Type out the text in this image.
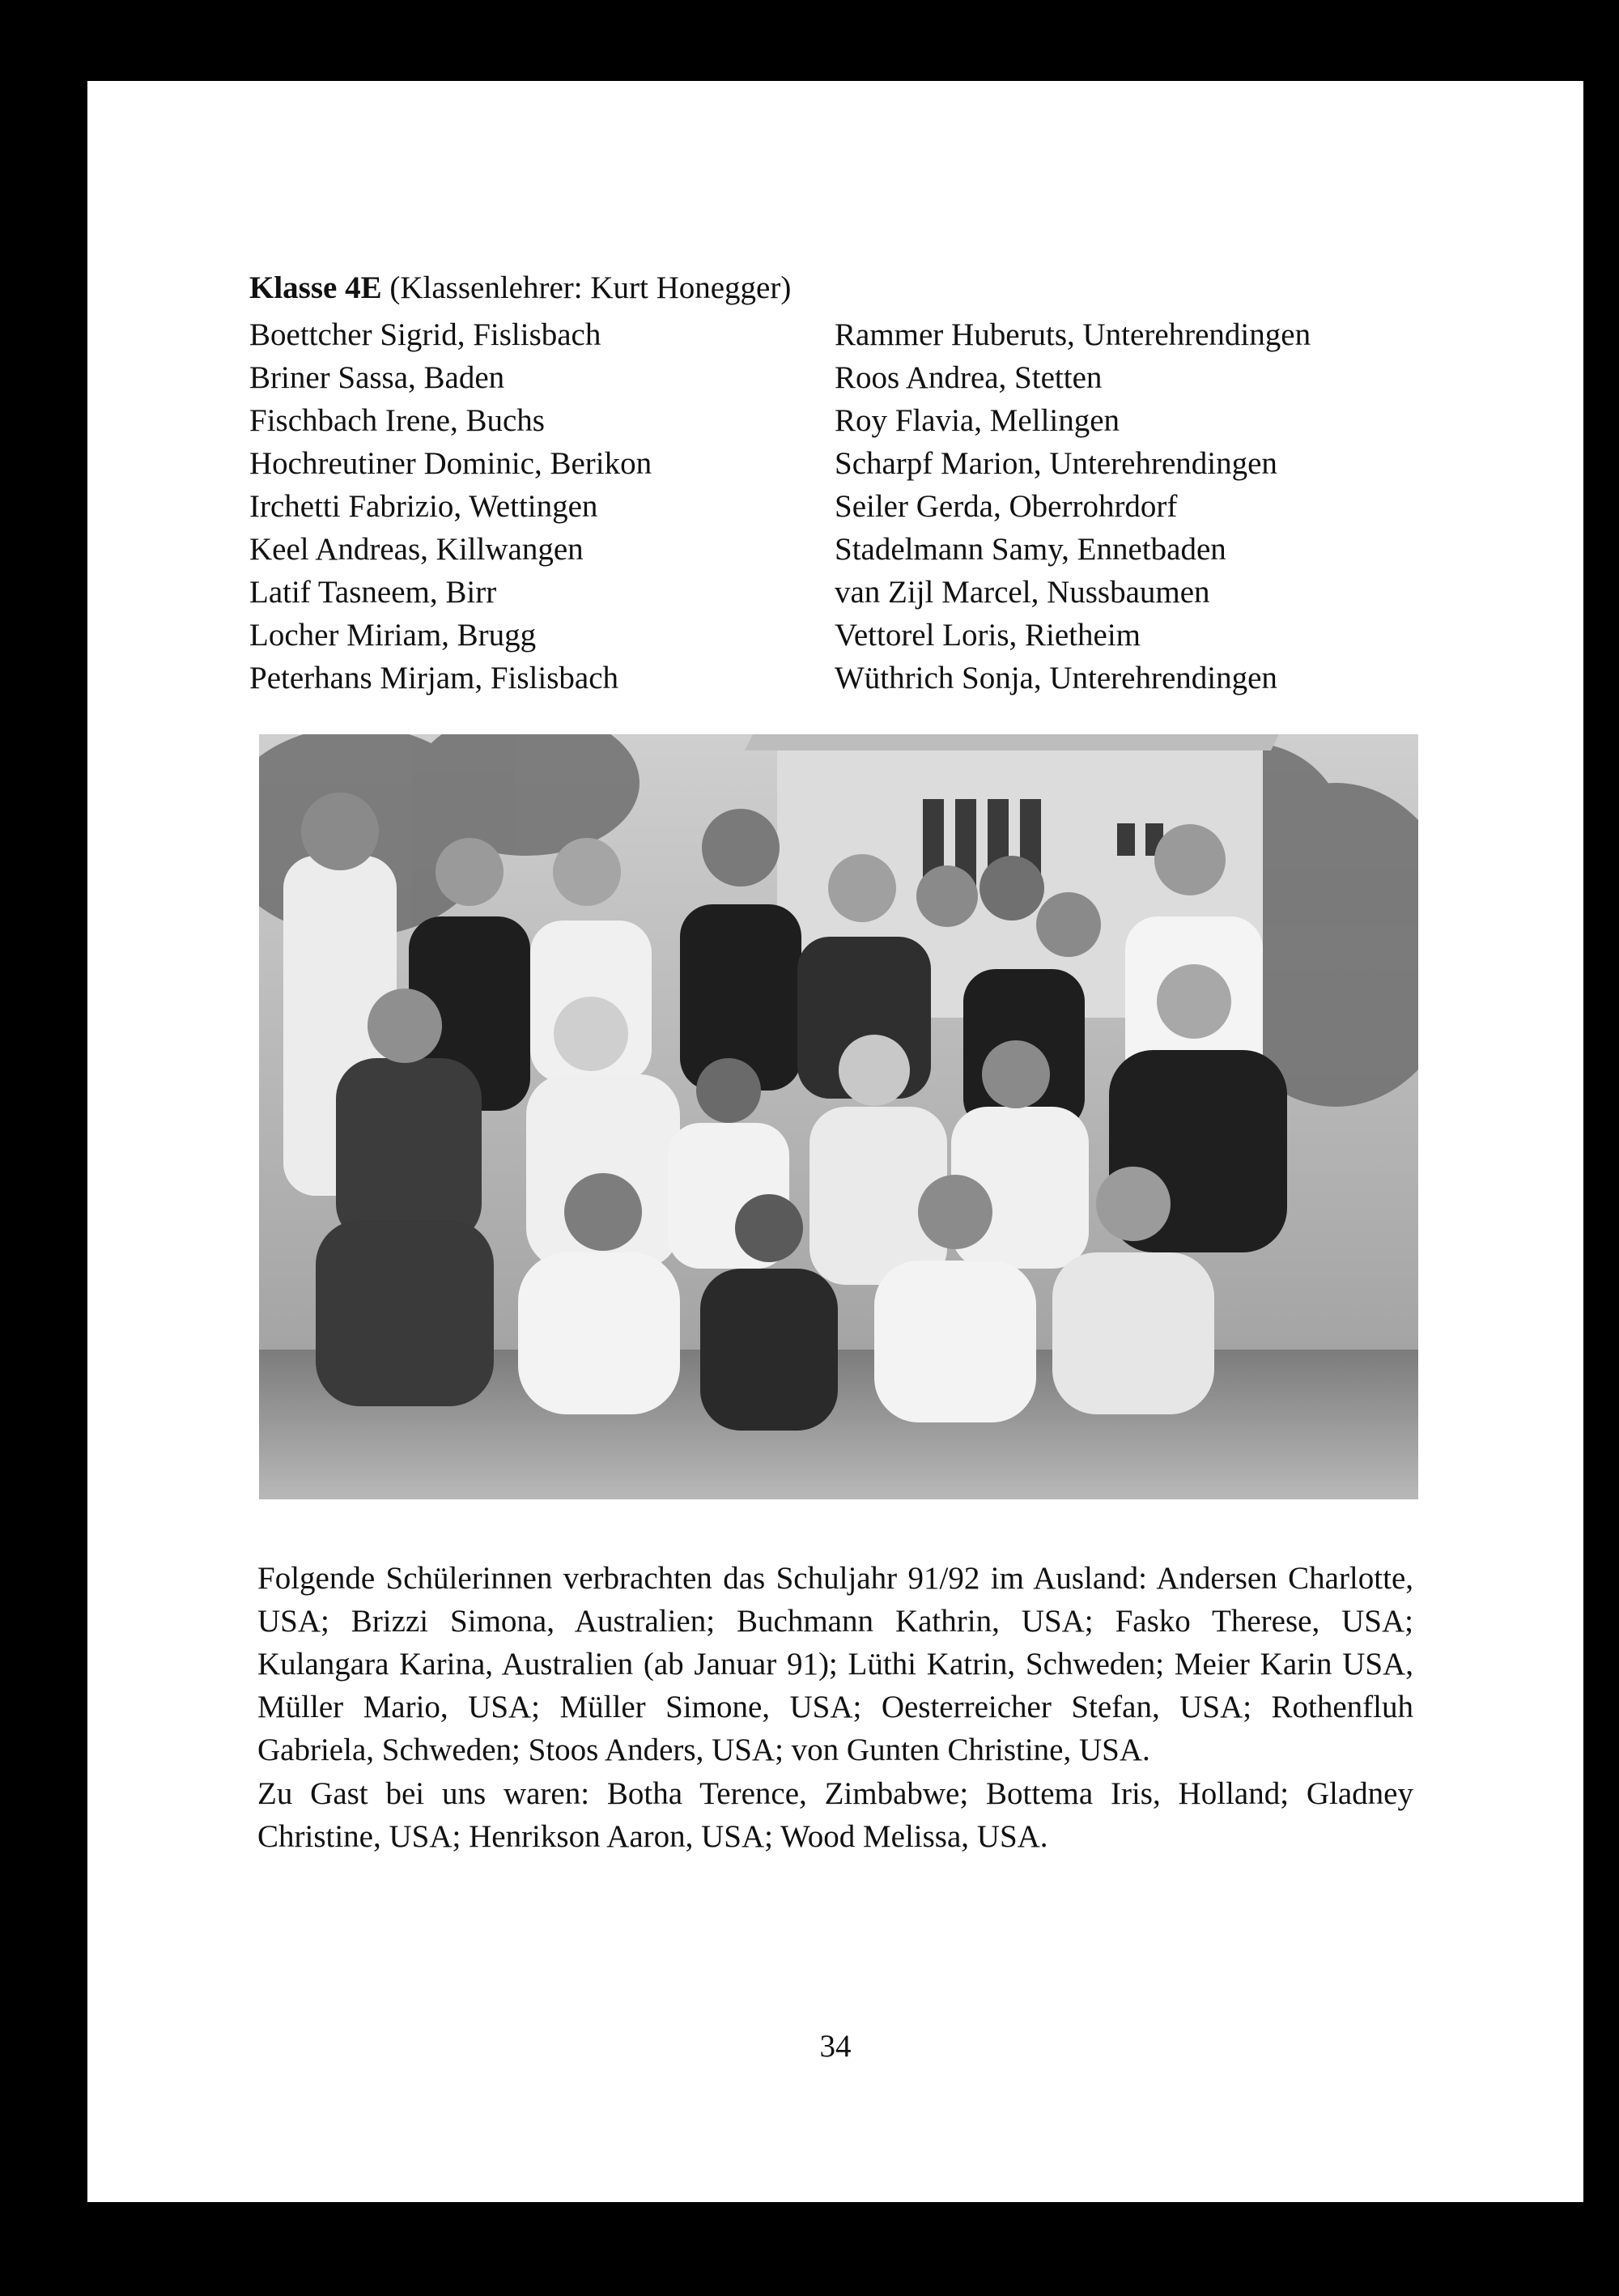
Klasse 4E (Klassenlehrer: Kurt Honegger)
Boettcher Sigrid, Fislisbach
Briner Sassa, Baden
Fischbach Irene, Buchs
Hochreutiner Dominic, Berikon
Irchetti Fabrizio, Wettingen
Keel Andreas, Killwangen
Latif Tasneem, Birr
Locher Miriam, Brugg
Peterhans Mirjam, Fislisbach
Rammer Huberuts, Unterehrendingen
Roos Andrea, Stetten
Roy Flavia, Mellingen
Scharpf Marion, Unterehrendingen
Seiler Gerda, Oberrohrdorf
Stadelmann Samy, Ennetbaden
van Zijl Marcel, Nussbaumen
Vettorel Loris, Rietheim
Wüthrich Sonja, Unterehrendingen
Folgende Schülerinnen verbrachten das Schuljahr 91/92 im Ausland: Andersen Charlotte, USA; Brizzi Simona, Australien; Buchmann Kathrin, USA; Fasko Therese, USA; Kulangara Karina, Australien (ab Januar 91); Lüthi Katrin, Schweden; Meier Karin USA, Müller Mario, USA; Müller Simone, USA; Oesterreicher Stefan, USA; Rothenfluh Gabriela, Schweden; Stoos Anders, USA; von Gunten Christine, USA.
Zu Gast bei uns waren: Botha Terence, Zimbabwe; Bottema Iris, Holland; Gladney Christine, USA; Henrikson Aaron, USA; Wood Melissa, USA.
34
